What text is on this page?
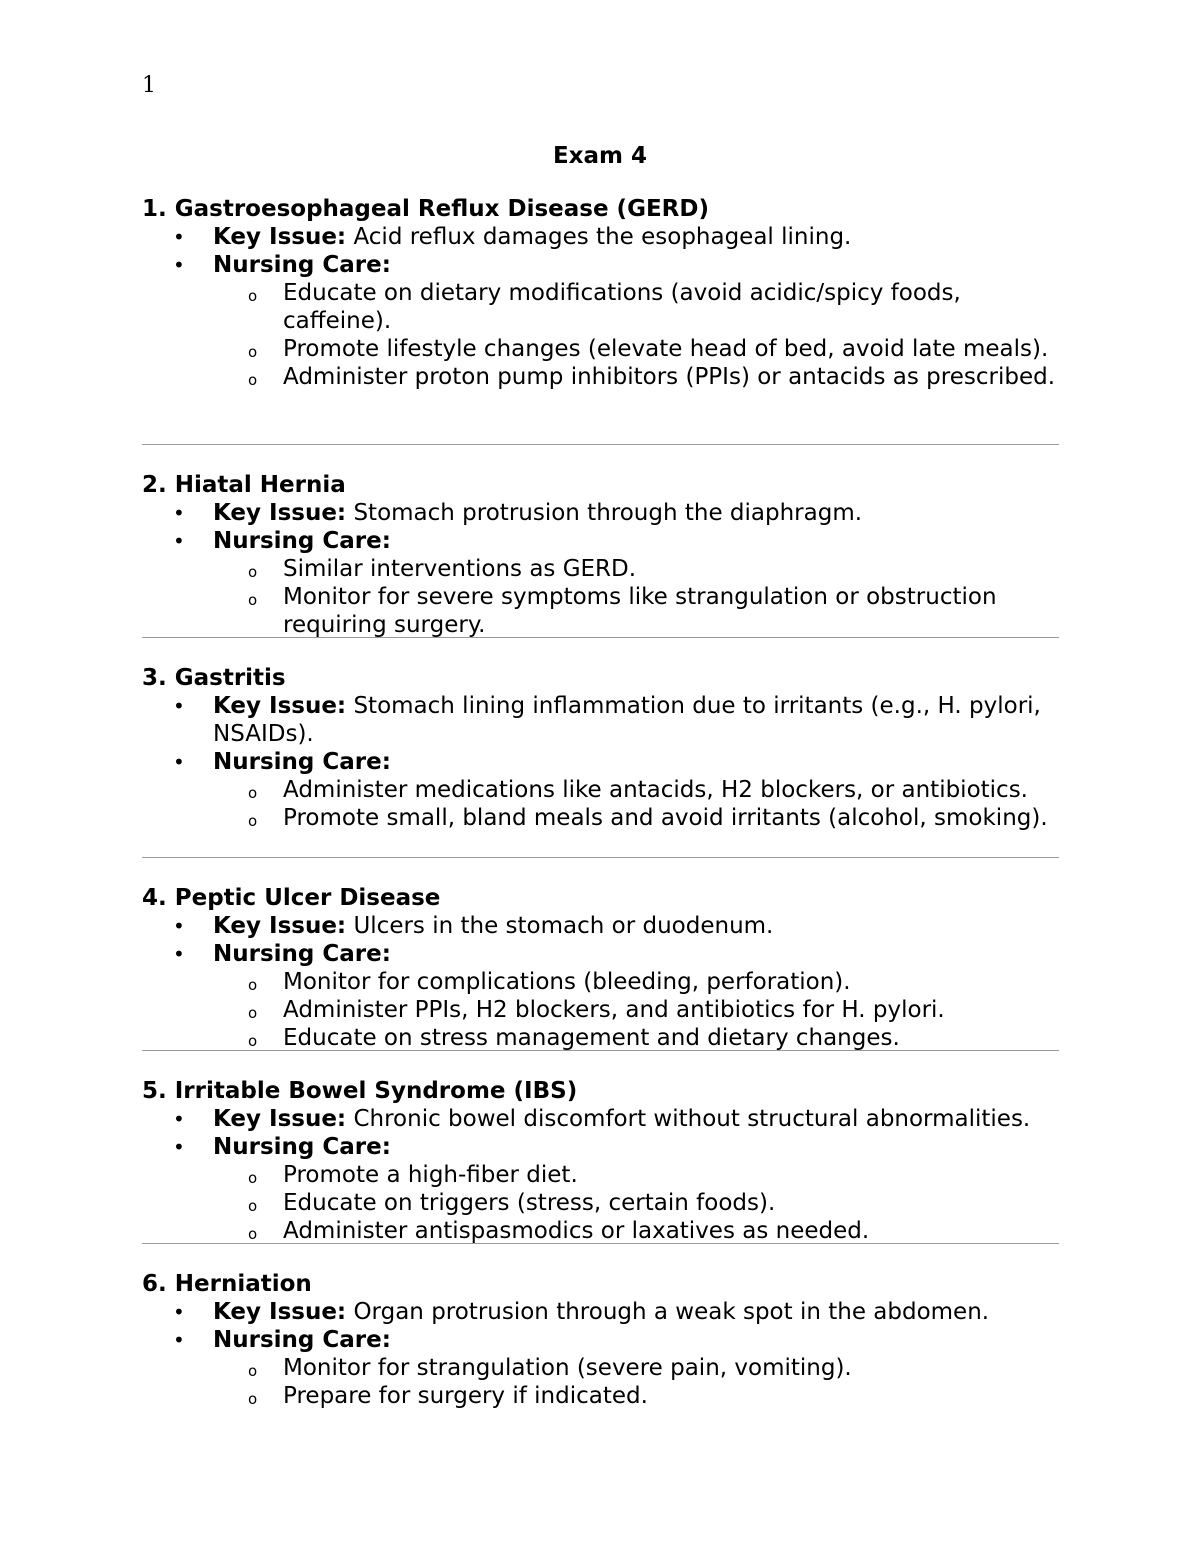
1
Exam 4
1. Gastroesophageal Reflux Disease (GERD)
• Key Issue: Acid reflux damages the esophageal lining.
• Nursing Care:
o Educate on dietary modifications (avoid acidic/spicy foods, caffeine).
o Promote lifestyle changes (elevate head of bed, avoid late meals).
o Administer proton pump inhibitors (PPIs) or antacids as prescribed.
2. Hiatal Hernia
• Key Issue: Stomach protrusion through the diaphragm.
• Nursing Care:
o Similar interventions as GERD.
o Monitor for severe symptoms like strangulation or obstruction requiring surgery.
3. Gastritis
• Key Issue: Stomach lining inflammation due to irritants (e.g., H. pylori, NSAIDs).
• Nursing Care:
o Administer medications like antacids, H2 blockers, or antibiotics.
o Promote small, bland meals and avoid irritants (alcohol, smoking).
4. Peptic Ulcer Disease
• Key Issue: Ulcers in the stomach or duodenum.
• Nursing Care:
o Monitor for complications (bleeding, perforation).
o Administer PPIs, H2 blockers, and antibiotics for H. pylori.
o Educate on stress management and dietary changes.
5. Irritable Bowel Syndrome (IBS)
• Key Issue: Chronic bowel discomfort without structural abnormalities.
• Nursing Care:
o Promote a high-fiber diet.
o Educate on triggers (stress, certain foods).
o Administer antispasmodics or laxatives as needed.
6. Herniation
• Key Issue: Organ protrusion through a weak spot in the abdomen.
• Nursing Care:
o Monitor for strangulation (severe pain, vomiting).
o Prepare for surgery if indicated.
